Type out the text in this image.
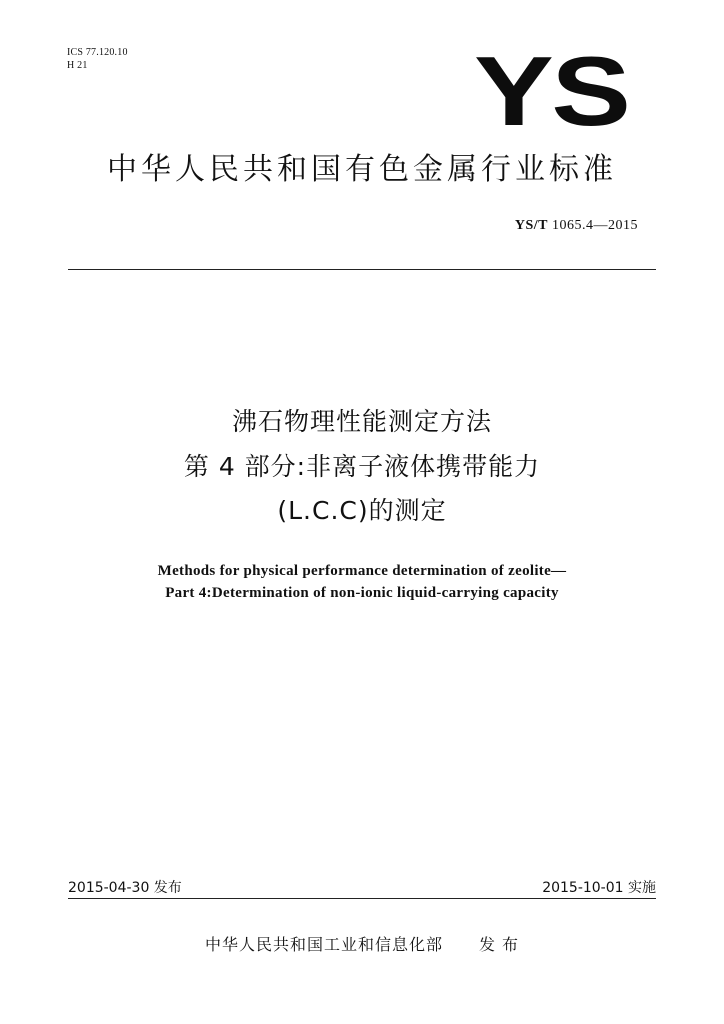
ICS 77.120.10
H 21	YS
中华人民共和国有色金属行业标准
YS/T 1065.4—2015
沸石物理性能测定方法
第 4 部分:非离子液体携带能力
(L.C.C)的测定
Methods for physical performance determination of zeolite—
Part 4:Determination of non-ionic liquid-carrying capacity
2015-04-30 发布	2015-10-01 实施
中华人民共和国工业和信息化部 发 布
